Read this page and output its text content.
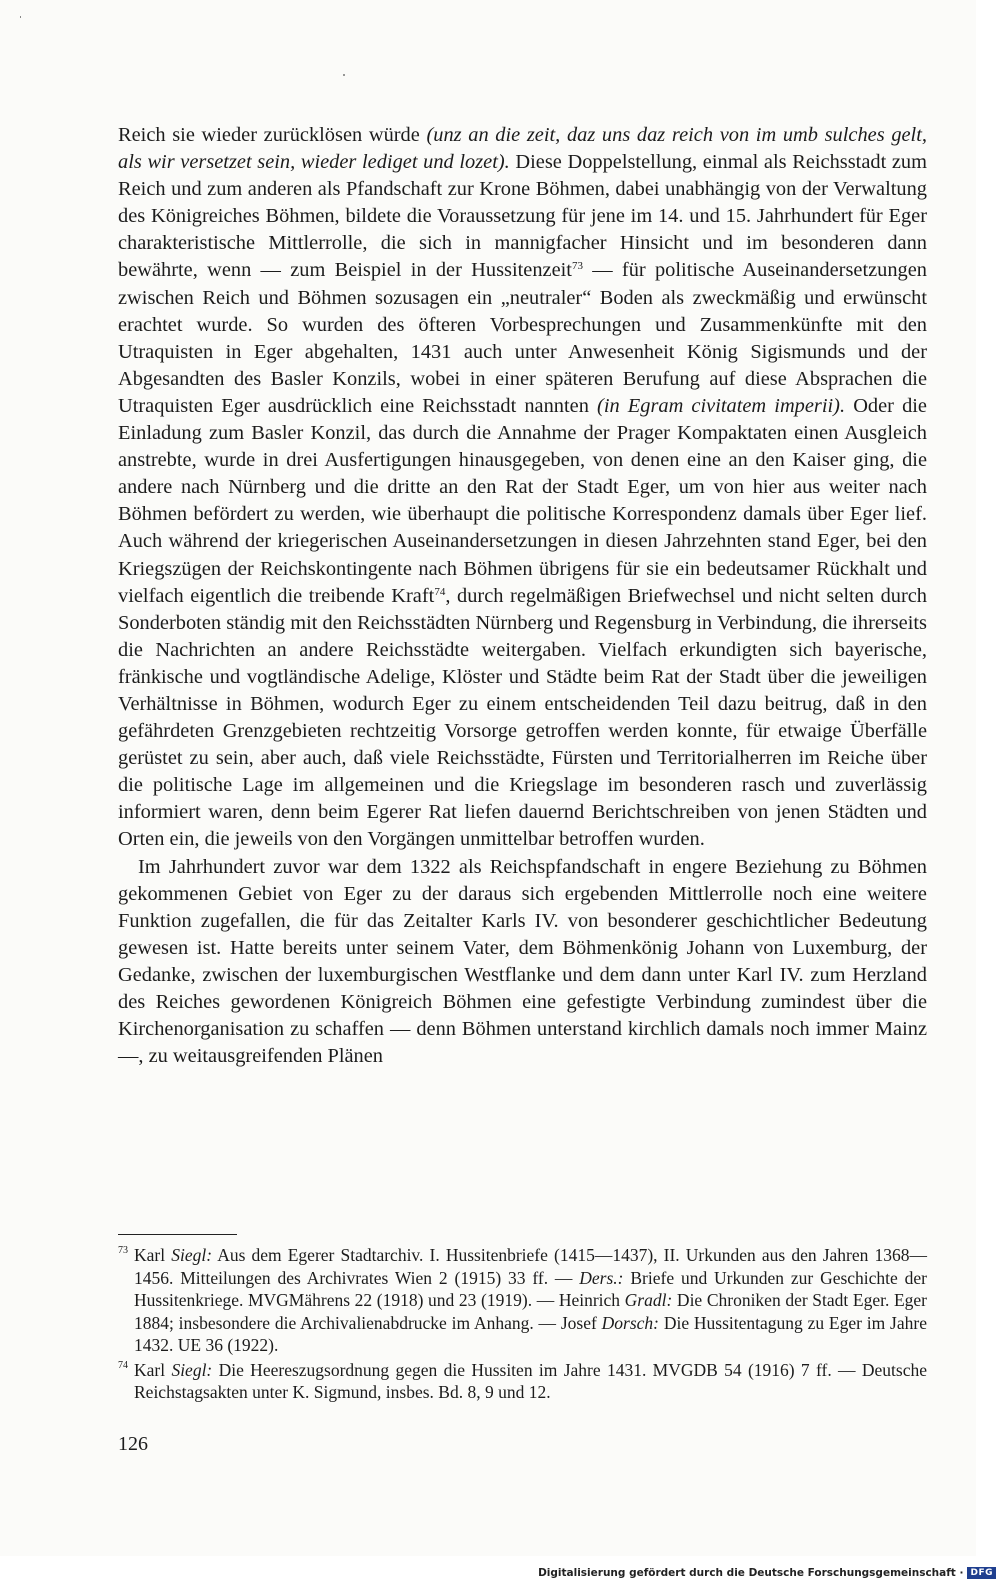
Reich sie wieder zurücklösen würde (unz an die zeit, daz uns daz reich von im umb sulches gelt, als wir versetzet sein, wieder lediget und lozet). Diese Doppelstellung, einmal als Reichsstadt zum Reich und zum anderen als Pfandschaft zur Krone Böhmen, dabei unabhängig von der Verwaltung des Königreiches Böhmen, bildete die Voraussetzung für jene im 14. und 15. Jahrhundert für Eger charakteristische Mittlerrolle, die sich in mannigfacher Hinsicht und im besonderen dann bewährte, wenn — zum Beispiel in der Hussitenzeit$^{73}$ — für politische Auseinandersetzungen zwischen Reich und Böhmen sozusagen ein „neutraler“ Boden als zweckmäßig und erwünscht erachtet wurde. So wurden des öfteren Vorbesprechungen und Zusammenkünfte mit den Utraquisten in Eger abgehalten, 1431 auch unter Anwesenheit König Sigismunds und der Abgesandten des Basler Konzils, wobei in einer späteren Berufung auf diese Absprachen die Utraquisten Eger ausdrücklich eine Reichsstadt nannten (in Egram civitatem imperii). Oder die Einladung zum Basler Konzil, das durch die Annahme der Prager Kompaktaten einen Ausgleich anstrebte, wurde in drei Ausfertigungen hinausgegeben, von denen eine an den Kaiser ging, die andere nach Nürnberg und die dritte an den Rat der Stadt Eger, um von hier aus weiter nach Böhmen befördert zu werden, wie überhaupt die politische Korrespondenz damals über Eger lief. Auch während der kriegerischen Auseinandersetzungen in diesen Jahrzehnten stand Eger, bei den Kriegszügen der Reichskontingente nach Böhmen übrigens für sie ein bedeutsamer Rückhalt und vielfach eigentlich die treibende Kraft$^{74}$, durch regelmäßigen Briefwechsel und nicht selten durch Sonderboten ständig mit den Reichsstädten Nürnberg und Regensburg in Verbindung, die ihrerseits die Nachrichten an andere Reichsstädte weitergaben. Vielfach erkundigten sich bayerische, fränkische und vogtländische Adelige, Klöster und Städte beim Rat der Stadt über die jeweiligen Verhältnisse in Böhmen, wodurch Eger zu einem entscheidenden Teil dazu beitrug, daß in den gefährdeten Grenzgebieten rechtzeitig Vorsorge getroffen werden konnte, für etwaige Überfälle gerüstet zu sein, aber auch, daß viele Reichsstädte, Fürsten und Territorialherren im Reiche über die politische Lage im allgemeinen und die Kriegslage im besonderen rasch und zuverlässig informiert waren, denn beim Egerer Rat liefen dauernd Berichtschreiben von jenen Städten und Orten ein, die jeweils von den Vorgängen unmittelbar betroffen wurden.

Im Jahrhundert zuvor war dem 1322 als Reichspfandschaft in engere Beziehung zu Böhmen gekommenen Gebiet von Eger zu der daraus sich ergebenden Mittlerrolle noch eine weitere Funktion zugefallen, die für das Zeitalter Karls IV. von besonderer geschichtlicher Bedeutung gewesen ist. Hatte bereits unter seinem Vater, dem Böhmenkönig Johann von Luxemburg, der Gedanke, zwischen der luxemburgischen Westflanke und dem dann unter Karl IV. zum Herzland des Reiches gewordenen Königreich Böhmen eine gefestigte Verbindung zumindest über die Kirchenorganisation zu schaffen — denn Böhmen unterstand kirchlich damals noch immer Mainz —, zu weitausgreifenden Plänen

73 Karl Siegl: Aus dem Egerer Stadtarchiv. I. Hussitenbriefe (1415—1437), II. Urkunden aus den Jahren 1368—1456. Mitteilungen des Archivrates Wien 2 (1915) 33 ff. — Ders.: Briefe und Urkunden zur Geschichte der Hussitenkriege. MVGMährens 22 (1918) und 23 (1919). — Heinrich Gradl: Die Chroniken der Stadt Eger. Eger 1884; insbesondere die Archivalienabdrucke im Anhang. — Josef Dorsch: Die Hussitentagung zu Eger im Jahre 1432. UE 36 (1922).
74 Karl Siegl: Die Heereszugsordnung gegen die Hussiten im Jahre 1431. MVGDB 54 (1916) 7 ff. — Deutsche Reichstagsakten unter K. Sigmund, insbes. Bd. 8, 9 und 12.
126
Digitalisierung gefördert durch die Deutsche Forschungsgemeinschaft · DFG
